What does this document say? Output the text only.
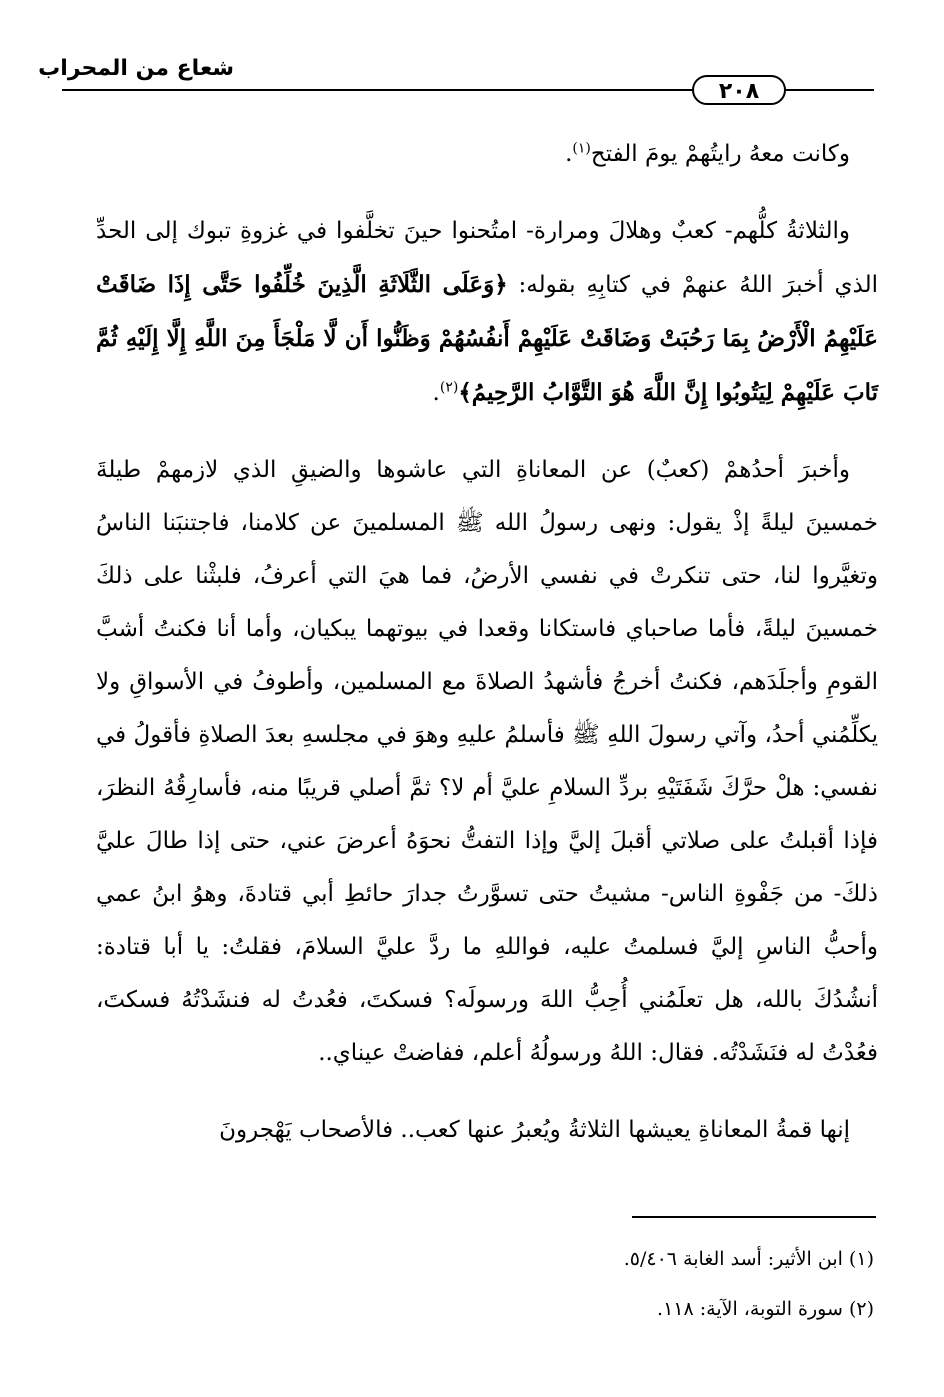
شعاع من المحراب
٢٠٨

وكانت معهُ رايتُهمْ يومَ الفتح$^{(١)}$.

والثلاثةُ كلُّهم- كعبٌ وهلالَ ومرارة- امتُحنوا حينَ تخلَّفوا في غزوةِ تبوك إلى الحدِّ الذي أخبرَ اللهُ عنهمْ في كتابِهِ بقوله: ﴿وَعَلَى الثَّلَاثَةِ الَّذِينَ خُلِّفُوا حَتَّى إِذَا ضَاقَتْ عَلَيْهِمُ الْأَرْضُ بِمَا رَحُبَتْ وَضَاقَتْ عَلَيْهِمْ أَنفُسُهُمْ وَظَنُّوا أَن لَّا مَلْجَأَ مِنَ اللَّهِ إِلَّا إِلَيْهِ ثُمَّ تَابَ عَلَيْهِمْ لِيَتُوبُوا إِنَّ اللَّهَ هُوَ التَّوَّابُ الرَّحِيمُ﴾$^{(٢)}$.

وأخبرَ أحدُهمْ (كعبٌ) عن المعاناةِ التي عاشوها والضيقِ الذي لازمهمْ طيلةَ خمسينَ ليلةً إذْ يقول: ونهى رسولُ الله ﷺ المسلمينَ عن كلامنا، فاجتنبَنا الناسُ وتغيَّروا لنا، حتى تنكرتْ في نفسي الأرضُ، فما هيَ التي أعرفُ، فلبثْنا على ذلكَ خمسينَ ليلةً، فأما صاحباي فاستكانا وقعدا في بيوتهما يبكيان، وأما أنا فكنتُ أشبَّ القومِ وأجلَدَهم، فكنتُ أخرجُ فأشهدُ الصلاةَ مع المسلمين، وأطوفُ في الأسواقِ ولا يكلِّمُني أحدُ، وآتي رسولَ اللهِ ﷺ فأسلمُ عليهِ وهوَ في مجلسهِ بعدَ الصلاةِ فأقولُ في نفسي: هلْ حرَّكَ شَفَتَيْهِ بردِّ السلامِ عليَّ أم لا؟ ثمَّ أصلي قريبًا منه، فأسارِقُهُ النظرَ، فإذا أقبلتُ على صلاتي أقبلَ إليَّ وإذا التفتُّ نحوَهُ أعرضَ عني، حتى إذا طالَ عليَّ ذلكَ- من جَفْوةِ الناس- مشيتُ حتى تسوَّرتُ جدارَ حائطِ أبي قتادةَ، وهوُ ابنُ عمي وأحبُّ الناسِ إليَّ فسلمتُ عليه، فواللهِ ما ردَّ عليَّ السلامَ، فقلتُ: يا أبا قتادة: أنشُدُكَ بالله، هل تعلَمُني أُحِبُّ اللهَ ورسولَه؟ فسكتَ، فعُدتُ له فنشَدْتُهُ فسكتَ، فعُدْتُ له فنَشَدْتُه. فقال: اللهُ ورسولُهُ أعلم، ففاضتْ عيناي..

إنها قمةُ المعاناةِ يعيشها الثلاثةُ ويُعبرُ عنها كعب.. فالأصحاب يَهْجرونَ

(١) ابن الأثير: أسد الغابة ٥/٤٠٦.
(٢) سورة التوبة، الآية: ١١٨.
